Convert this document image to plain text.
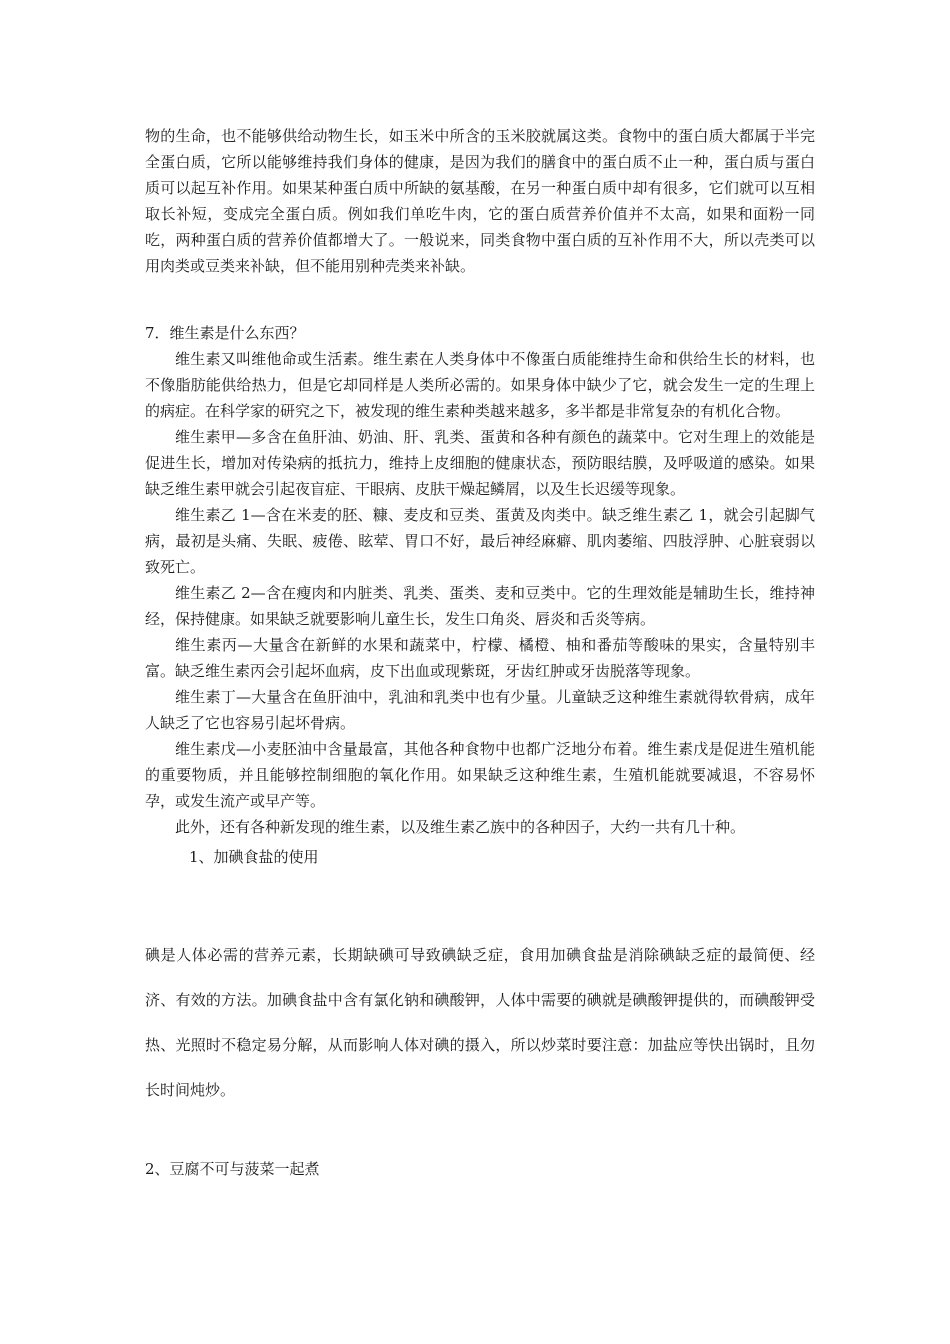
物的生命，也不能够供给动物生长，如玉米中所含的玉米胶就属这类。食物中的蛋白质大都属于半完全蛋白质，它所以能够维持我们身体的健康，是因为我们的膳食中的蛋白质不止一种，蛋白质与蛋白质可以起互补作用。如果某种蛋白质中所缺的氨基酸，在另一种蛋白质中却有很多，它们就可以互相取长补短，变成完全蛋白质。例如我们单吃牛肉，它的蛋白质营养价值并不太高，如果和面粉一同吃，两种蛋白质的营养价值都增大了。一般说来，同类食物中蛋白质的互补作用不大，所以壳类可以用肉类或豆类来补缺，但不能用别种壳类来补缺。

7．维生素是什么东西？

维生素又叫维他命或生活素。维生素在人类身体中不像蛋白质能维持生命和供给生长的材料，也不像脂肪能供给热力，但是它却同样是人类所必需的。如果身体中缺少了它，就会发生一定的生理上的病症。在科学家的研究之下，被发现的维生素种类越来越多，多半都是非常复杂的有机化合物。

维生素甲—多含在鱼肝油、奶油、肝、乳类、蛋黄和各种有颜色的蔬菜中。它对生理上的效能是促进生长，增加对传染病的抵抗力，维持上皮细胞的健康状态，预防眼结膜，及呼吸道的感染。如果缺乏维生素甲就会引起夜盲症、干眼病、皮肤干燥起鳞屑，以及生长迟缓等现象。

维生素乙 1—含在米麦的胚、糠、麦皮和豆类、蛋黄及肉类中。缺乏维生素乙 1，就会引起脚气病，最初是头痛、失眠、疲倦、眩荤、胃口不好，最后神经麻癖、肌肉萎缩、四肢浮肿、心脏衰弱以致死亡。

维生素乙 2—含在瘦肉和内脏类、乳类、蛋类、麦和豆类中。它的生理效能是辅助生长，维持神经，保持健康。如果缺乏就要影响儿童生长，发生口角炎、唇炎和舌炎等病。

维生素丙—大量含在新鲜的水果和蔬菜中，柠檬、橘橙、柚和番茄等酸味的果实，含量特别丰富。缺乏维生素丙会引起坏血病，皮下出血或现紫斑，牙齿红肿或牙齿脱落等现象。

维生素丁—大量含在鱼肝油中，乳油和乳类中也有少量。儿童缺乏这种维生素就得软骨病，成年人缺乏了它也容易引起坏骨病。

维生素戊—小麦胚油中含量最富，其他各种食物中也都广泛地分布着。维生素戊是促进生殖机能的重要物质，并且能够控制细胞的氧化作用。如果缺乏这种维生素，生殖机能就要减退，不容易怀孕，或发生流产或早产等。

此外，还有各种新发现的维生素，以及维生素乙族中的各种因子，大约一共有几十种。

1、加碘食盐的使用

碘是人体必需的营养元素，长期缺碘可导致碘缺乏症，食用加碘食盐是消除碘缺乏症的最简便、经济、有效的方法。加碘食盐中含有氯化钠和碘酸钾，人体中需要的碘就是碘酸钾提供的，而碘酸钾受热、光照时不稳定易分解，从而影响人体对碘的摄入，所以炒菜时要注意：加盐应等快出锅时，且勿长时间炖炒。

2、豆腐不可与菠菜一起煮
